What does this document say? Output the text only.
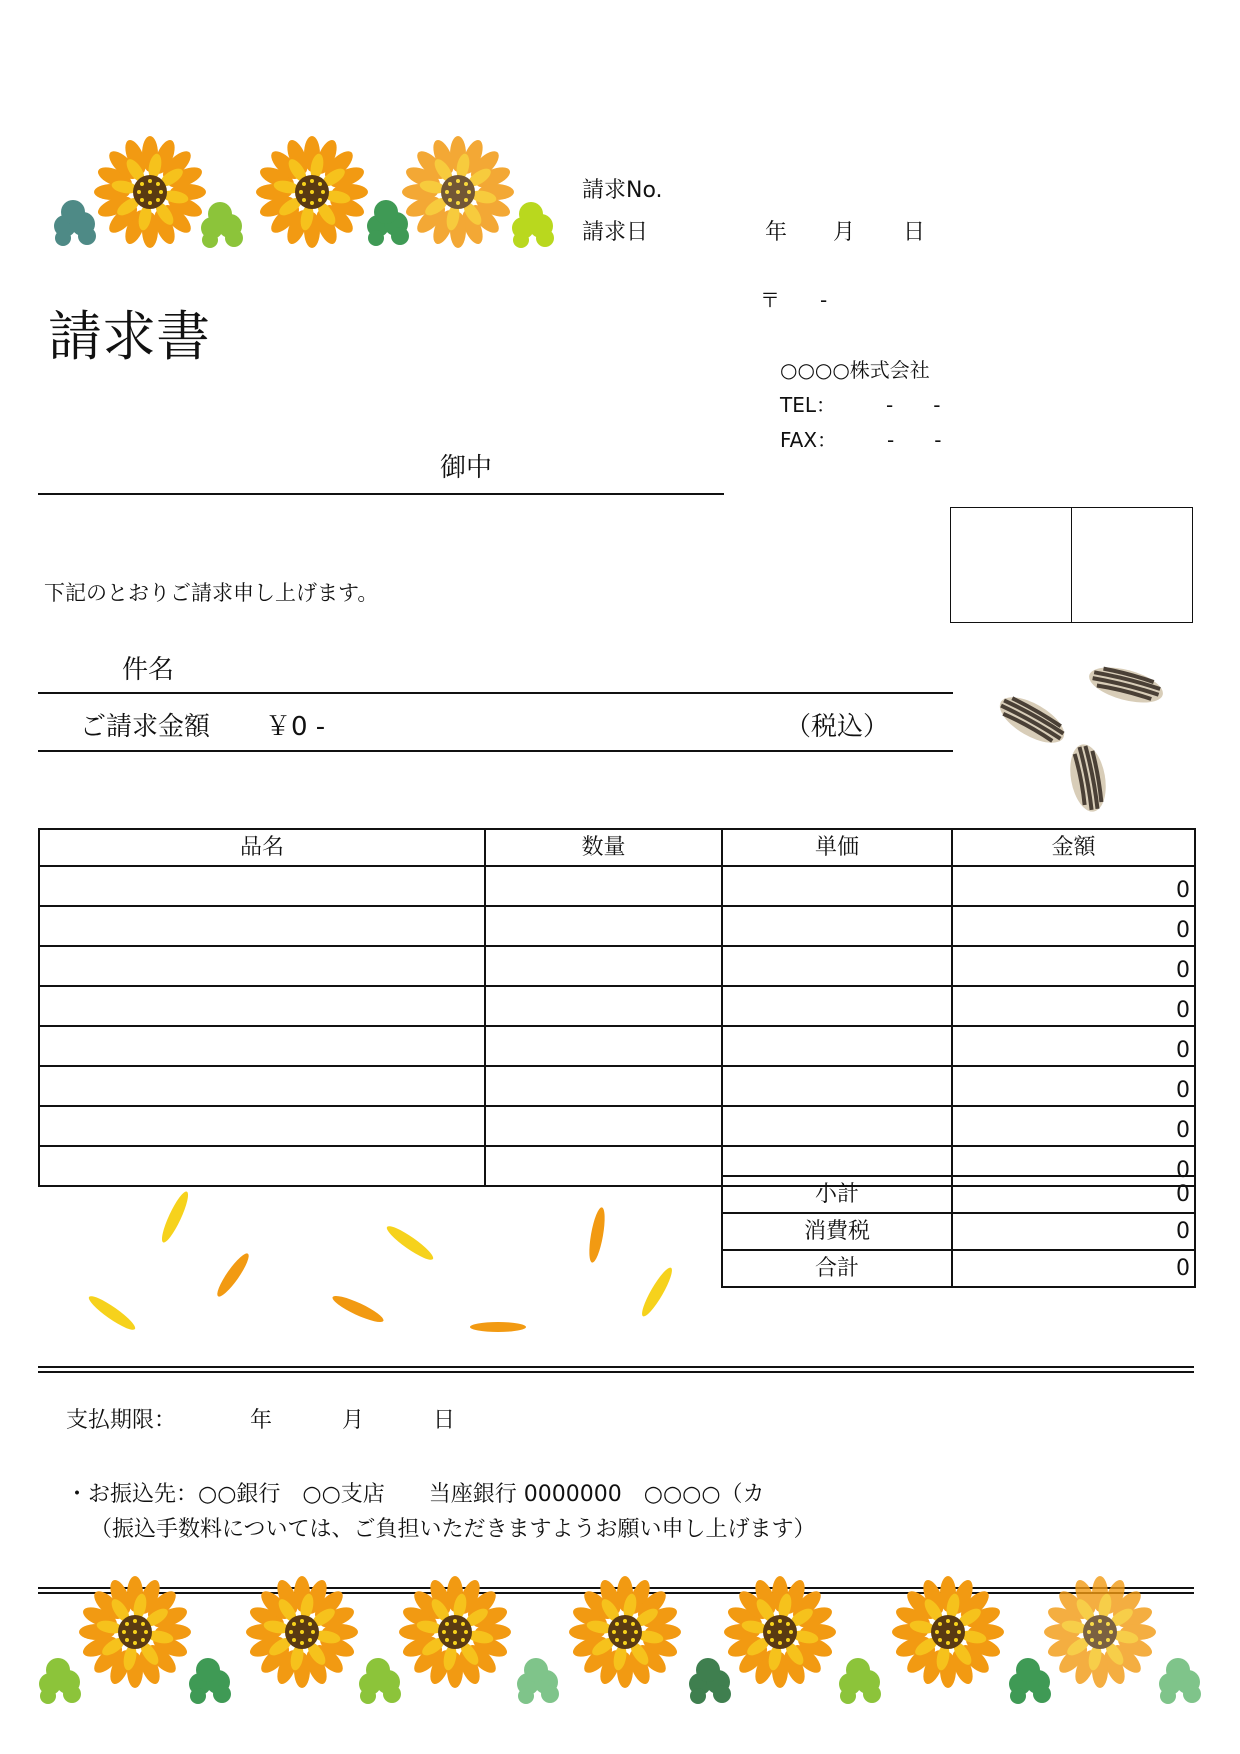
請求No.
請求日	年 月 日
請求書
〒　　-
○○○○株式会社
TEL：　　　-　　-
FAX：　　　-　　-
御中
下記のとおりご請求申し上げます。
件名
ご請求金額 ￥0 -	（税込）
品名	数量	単価	金額
			0
			0
			0
			0
			0
			0
			0
			0
小計	0
消費税	0
合計	0
支払期限：	年	月	日
・お振込先：○○銀行　○○支店　　当座銀行 0000000　○○○○（カ
（振込手数料については、ご負担いただきますようお願い申し上げます）
